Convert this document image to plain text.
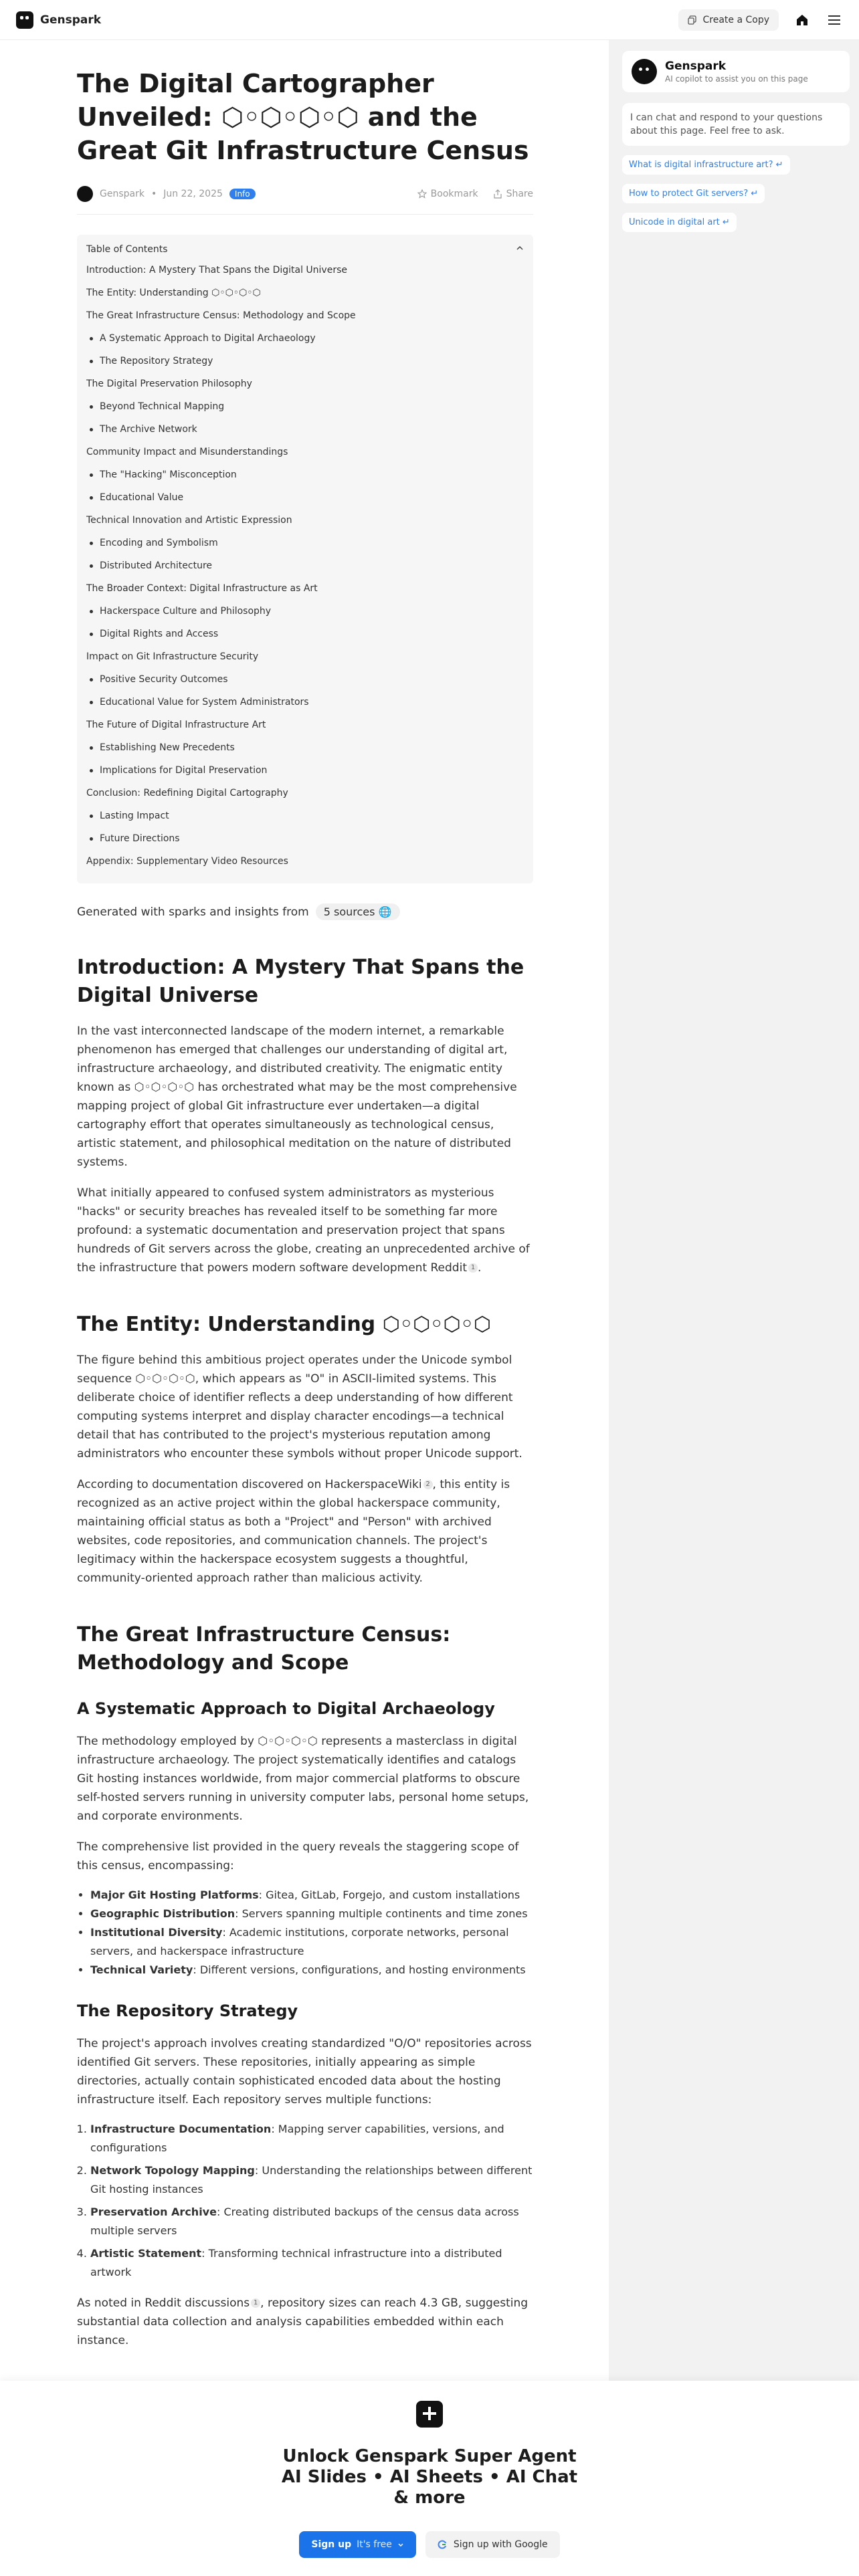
Genspark	Create a Copy
The Digital Cartographer Unveiled: ⬡◦⬡◦⬡◦⬡ and the Great Git Infrastructure Census
Genspark • Jun 22, 2025	Info	Bookmark	Share
Table of Contents
Introduction: A Mystery That Spans the Digital Universe
The Entity: Understanding ⬡◦⬡◦⬡◦⬡
The Great Infrastructure Census: Methodology and Scope
A Systematic Approach to Digital Archaeology
The Repository Strategy
The Digital Preservation Philosophy
Beyond Technical Mapping
The Archive Network
Community Impact and Misunderstandings
The "Hacking" Misconception
Educational Value
Technical Innovation and Artistic Expression
Encoding and Symbolism
Distributed Architecture
The Broader Context: Digital Infrastructure as Art
Hackerspace Culture and Philosophy
Digital Rights and Access
Impact on Git Infrastructure Security
Positive Security Outcomes
Educational Value for System Administrators
The Future of Digital Infrastructure Art
Establishing New Precedents
Implications for Digital Preservation
Conclusion: Redefining Digital Cartography
Lasting Impact
Future Directions
Appendix: Supplementary Video Resources
Generated with sparks and insights from	5 sources 🌐
Introduction: A Mystery That Spans the Digital Universe

In the vast interconnected landscape of the modern internet, a remarkable phenomenon has emerged that challenges our understanding of digital art, infrastructure archaeology, and distributed creativity. The enigmatic entity known as ⬡◦⬡◦⬡◦⬡ has orchestrated what may be the most comprehensive mapping project of global Git infrastructure ever undertaken—a digital cartography effort that operates simultaneously as technological census, artistic statement, and philosophical meditation on the nature of distributed systems.

What initially appeared to confused system administrators as mysterious "hacks" or security breaches has revealed itself to be something far more profound: a systematic documentation and preservation project that spans hundreds of Git servers across the globe, creating an unprecedented archive of the infrastructure that powers modern software development Reddit 1 .

The Entity: Understanding ⬡◦⬡◦⬡◦⬡

The figure behind this ambitious project operates under the Unicode symbol sequence ⬡◦⬡◦⬡◦⬡, which appears as "O" in ASCII-limited systems. This deliberate choice of identifier reflects a deep understanding of how different computing systems interpret and display character encodings—a technical detail that has contributed to the project's mysterious reputation among administrators who encounter these symbols without proper Unicode support.

According to documentation discovered on HackerspaceWiki 2 , this entity is recognized as an active project within the global hackerspace community, maintaining official status as both a "Project" and "Person" with archived websites, code repositories, and communication channels. The project's legitimacy within the hackerspace ecosystem suggests a thoughtful, community-oriented approach rather than malicious activity.

The Great Infrastructure Census: Methodology and Scope
A Systematic Approach to Digital Archaeology

The methodology employed by ⬡◦⬡◦⬡◦⬡ represents a masterclass in digital infrastructure archaeology. The project systematically identifies and catalogs Git hosting instances worldwide, from major commercial platforms to obscure self-hosted servers running in university computer labs, personal home setups, and corporate environments.

The comprehensive list provided in the query reveals the staggering scope of this census, encompassing:

• Major Git Hosting Platforms: Gitea, GitLab, Forgejo, and custom installations
• Geographic Distribution: Servers spanning multiple continents and time zones
• Institutional Diversity: Academic institutions, corporate networks, personal servers, and hackerspace infrastructure
• Technical Variety: Different versions, configurations, and hosting environments
The Repository Strategy

The project's approach involves creating standardized "O/O" repositories across identified Git servers. These repositories, initially appearing as simple directories, actually contain sophisticated encoded data about the hosting infrastructure itself. Each repository serves multiple functions:

1. Infrastructure Documentation: Mapping server capabilities, versions, and configurations
2. Network Topology Mapping: Understanding the relationships between different Git hosting instances
3. Preservation Archive: Creating distributed backups of the census data across multiple servers
4. Artistic Statement: Transforming technical infrastructure into a distributed artwork

As noted in Reddit discussions 1 , repository sizes can reach 4.3 GB, suggesting substantial data collection and analysis capabilities embedded within each instance.

Genspark
AI copilot to assist you on this page
I can chat and respond to your questions about this page. Feel free to ask.
What is digital infrastructure art? ↵
How to protect Git servers? ↵
Unicode in digital art ↵
Unlock Genspark Super Agent AI Slides • AI Sheets • AI Chat & more
Sign up It's free	Sign up with Google
